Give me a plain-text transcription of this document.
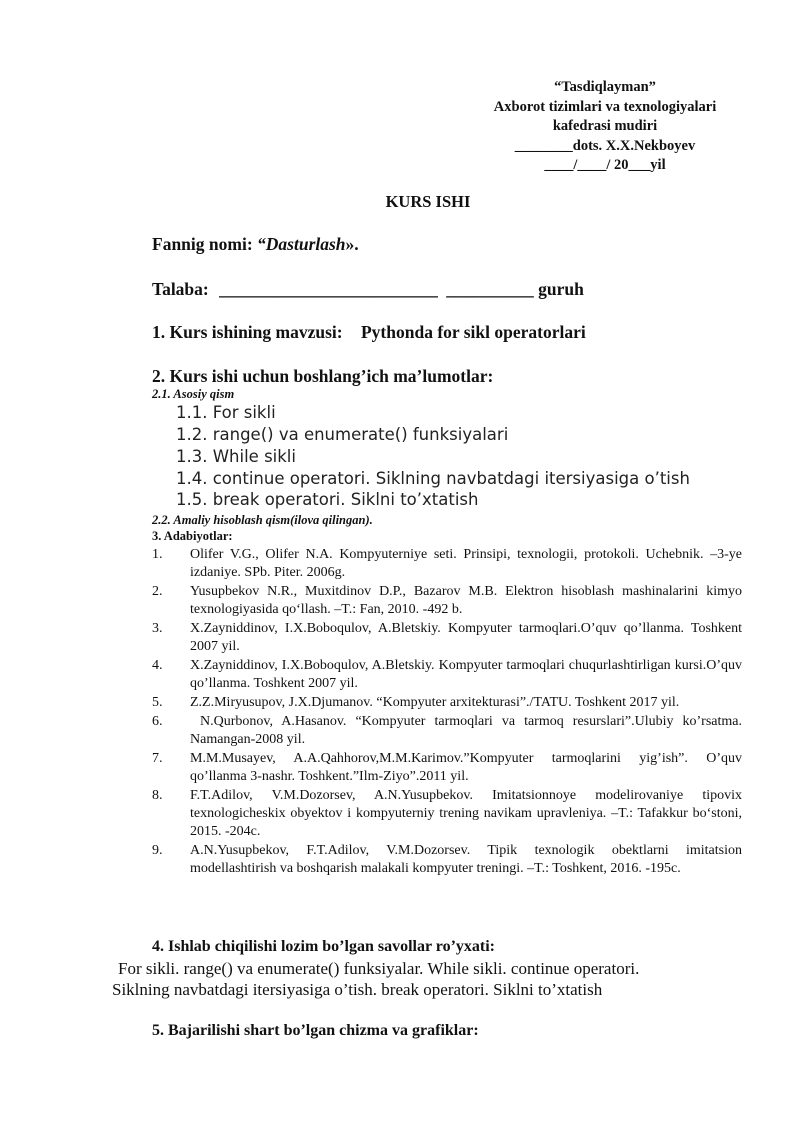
“Tasdiqlayman”
Axborot tizimlari va texnologiyalari
kafedrasi mudiri
________dots. X.X.Nekboyev
____/____/ 20___yil
KURS ISHI
Fannig nomi: “Dasturlash».
Talaba: _________________________ __________ guruh
1. Kurs ishining mavzusi: Pythonda for sikl operatorlari
2. Kurs ishi uchun boshlang’ich ma’lumotlar:
2.1. Asosiy qism
1.1. For sikli
1.2. range() va enumerate() funksiyalari
1.3. While sikli
1.4. continue operatori. Siklning navbatdagi itersiyasiga o’tish
1.5. break operatori. Siklni to’xtatish
2.2. Amaliy hisoblash qism(ilova qilingan).
3. Adabiyotlar:
1.	Olifer V.G., Olifer N.A. Kompyuterniye seti. Prinsipi, texnologii, protokoli. Uchebnik. –3-ye izdaniye. SPb. Piter. 2006g.
2.	Yusupbekov N.R., Muxitdinov D.P., Bazarov M.B. Elektron hisoblash mashinalarini kimyo texnologiyasida qo‘llash. –T.: Fan, 2010. -492 b.
3.	X.Zayniddinov, I.X.Boboqulov, A.Bletskiy. Kompyuter tarmoqlari.O’quv qo’llanma. Toshkent 2007 yil.
4.	X.Zayniddinov, I.X.Boboqulov, A.Bletskiy. Kompyuter tarmoqlari chuqurlashtirligan kursi.O’quv qo’llanma. Toshkent 2007 yil.
5.	Z.Z.Miryusupov, J.X.Djumanov. “Kompyuter arxitekturasi”./TATU. Toshkent 2017 yil.
6.	N.Qurbonov, A.Hasanov. “Kompyuter tarmoqlari va tarmoq resurslari”.Ulubiy ko’rsatma. Namangan-2008 yil.
7.	M.M.Musayev, A.A.Qahhorov,M.M.Karimov.”Kompyuter tarmoqlarini yig’ish”. O’quv qo’llanma 3-nashr. Toshkent.”Ilm-Ziyo”.2011 yil.
8.	F.T.Adilov, V.M.Dozorsev, A.N.Yusupbekov. Imitatsionnoye modelirovaniye tipovix texnologicheskix obyektov i kompyuterniy trening navikam upravleniya. –T.: Tafakkur bo‘stoni, 2015. -204c.
9.	A.N.Yusupbekov, F.T.Adilov, V.M.Dozorsev. Tipik texnologik obektlarni imitatsion modellashtirish va boshqarish malakali kompyuter treningi. –T.: Toshkent, 2016. -195c.
4. Ishlab chiqilishi lozim bo’lgan savollar ro’yxati:
For sikli. range() va enumerate() funksiyalar. While sikli. continue operatori.
Siklning navbatdagi itersiyasiga o’tish. break operatori. Siklni to’xtatish
5. Bajarilishi shart bo’lgan chizma va grafiklar:
